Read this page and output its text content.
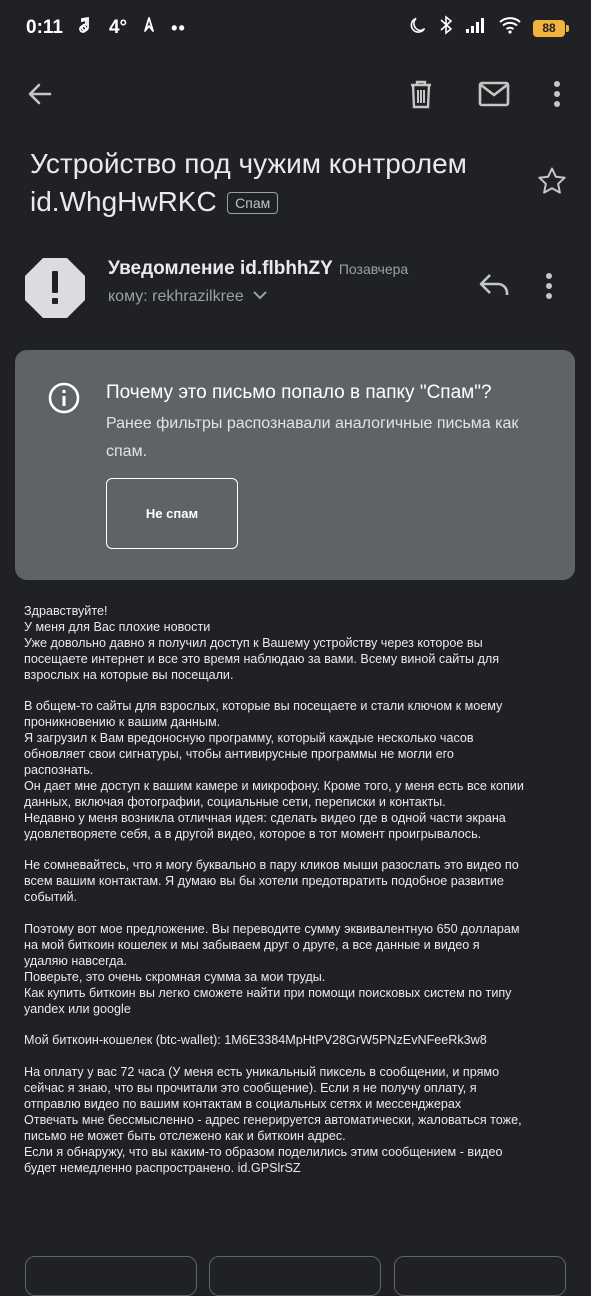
0:11 4° ••	88
Устройство под чужим контролем id.WhgHwRKC Спам
Уведомление id.flbhhZY Позавчера
кому: rekhrazilkree
Почему это письмо попало в папку "Спам"?
Ранее фильтры распознавали аналогичные письма как спам.
Не спам
Здравствуйте!
У меня для Вас плохие новости
Уже довольно давно я получил доступ к Вашему устройству через которое вы
посещаете интернет и все это время наблюдаю за вами. Всему виной сайты для
взрослых на которые вы посещали.
В общем-то сайты для взрослых, которые вы посещаете и стали ключом к моему
проникновению к вашим данным.
Я загрузил к Вам вредоносную программу, который каждые несколько часов
обновляет свои сигнатуры, чтобы антивирусные программы не могли его
распознать.
Он дает мне доступ к вашим камере и микрофону. Кроме того, у меня есть все копии
данных, включая фотографии, социальные сети, переписки и контакты.
Недавно у меня возникла отличная идея: сделать видео где в одной части экрана
удовлетворяете себя, а в другой видео, которое в тот момент проигрывалось.
Не сомневайтесь, что я могу буквально в пару кликов мыши разослать это видео по
всем вашим контактам. Я думаю вы бы хотели предотвратить подобное развитие
событий.
Поэтому вот мое предложение. Вы переводите сумму эквивалентную 650 долларам
на мой биткоин кошелек и мы забываем друг о друге, а все данные и видео я
удаляю навсегда.
Поверьте, это очень скромная сумма за мои труды.
Как купить биткоин вы легко сможете найти при помощи поисковых систем по типу
yandex или google
Мой биткоин-кошелек (btc-wallet): 1M6E3384MpHtPV28GrW5PNzEvNFeeRk3w8
На оплату у вас 72 часа (У меня есть уникальный пиксель в сообщении, и прямо
сейчас я знаю, что вы прочитали это сообщение). Если я не получу оплату, я
отправлю видео по вашим контактам в социальных сетях и мессенджерах
Отвечать мне бессмысленно - адрес генерируется автоматически, жаловаться тоже,
письмо не может быть отслежено как и биткоин адрес.
Если я обнаружу, что вы каким-то образом поделились этим сообщением - видео
будет немедленно распространено. id.GPSlrSZ
